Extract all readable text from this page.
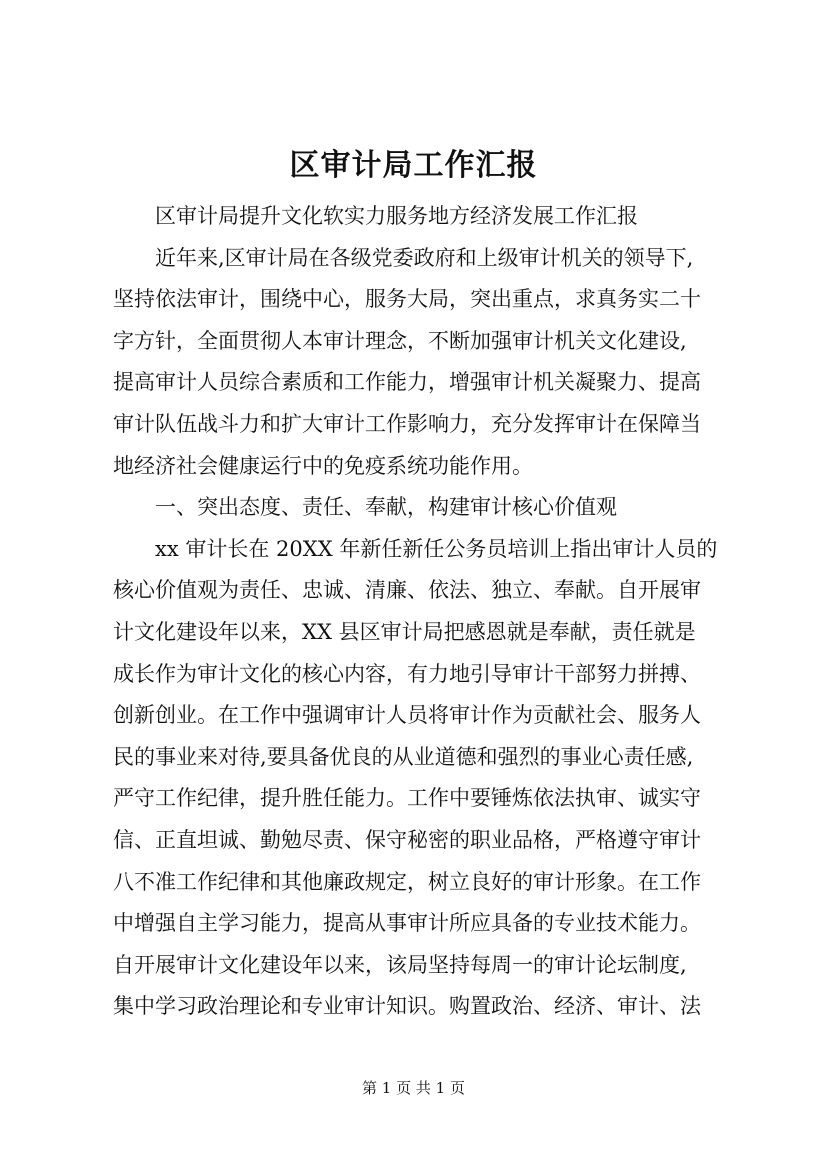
区审计局工作汇报
区审计局提升文化软实力服务地方经济发展工作汇报
近年来,区审计局在各级党委政府和上级审计机关的领导下,
坚持依法审计，围绕中心，服务大局，突出重点，求真务实二十
字方针，全面贯彻人本审计理念，不断加强审计机关文化建设,
提高审计人员综合素质和工作能力，增强审计机关凝聚力、提高
审计队伍战斗力和扩大审计工作影响力，充分发挥审计在保障当
地经济社会健康运行中的免疫系统功能作用。
一、突出态度、责任、奉献，构建审计核心价值观
xx 审计长在 20XX 年新任新任公务员培训上指出审计人员的
核心价值观为责任、忠诚、清廉、依法、独立、奉献。自开展审
计文化建设年以来，XX 县区审计局把感恩就是奉献，责任就是
成长作为审计文化的核心内容，有力地引导审计干部努力拼搏、
创新创业。在工作中强调审计人员将审计作为贡献社会、服务人
民的事业来对待,要具备优良的从业道德和强烈的事业心责任感,
严守工作纪律，提升胜任能力。工作中要锤炼依法执审、诚实守
信、正直坦诚、勤勉尽责、保守秘密的职业品格，严格遵守审计
八不准工作纪律和其他廉政规定，树立良好的审计形象。在工作
中增强自主学习能力，提高从事审计所应具备的专业技术能力。
自开展审计文化建设年以来，该局坚持每周一的审计论坛制度,
集中学习政治理论和专业审计知识。购置政治、经济、审计、法
第 1 页 共 1 页
